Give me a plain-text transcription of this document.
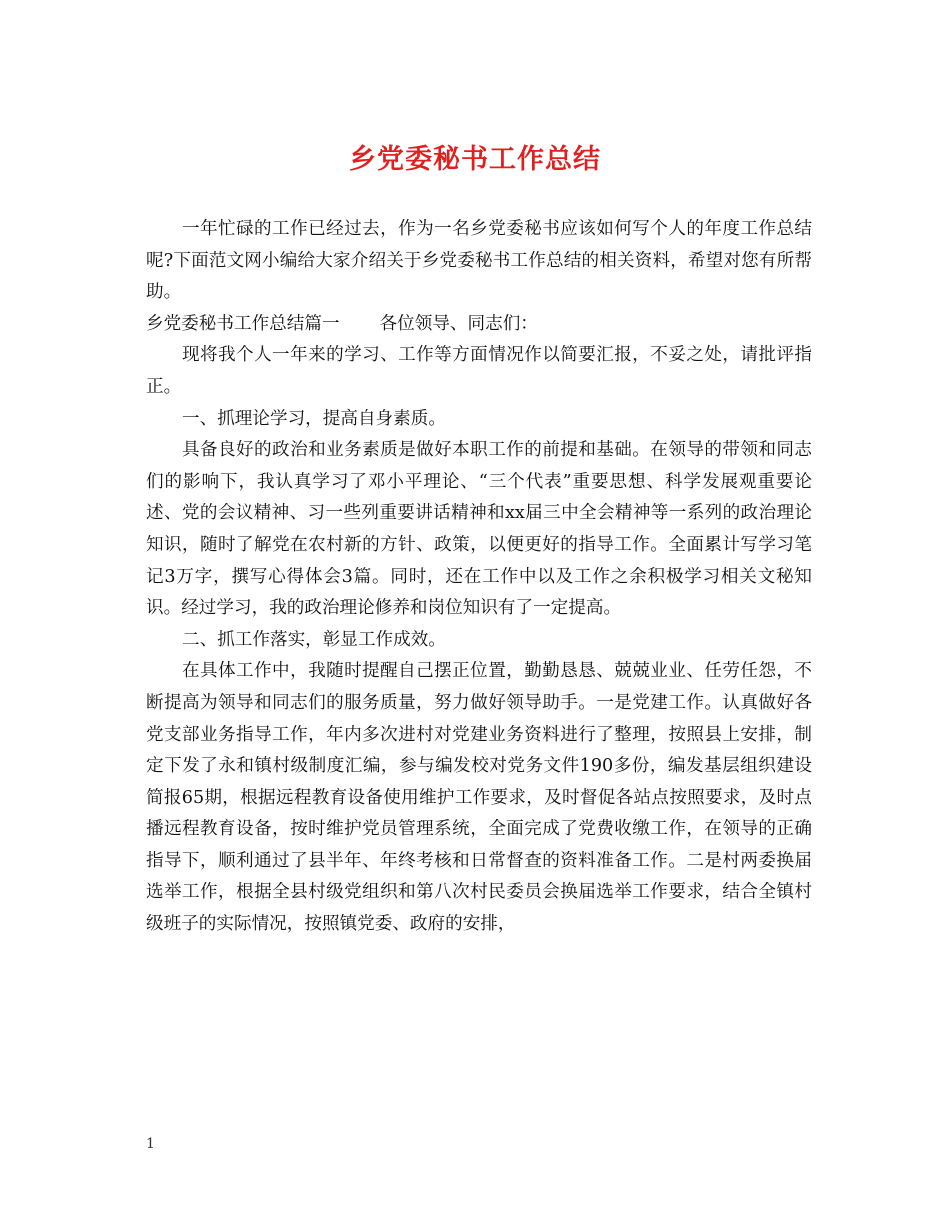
乡党委秘书工作总结

一年忙碌的工作已经过去，作为一名乡党委秘书应该如何写个人的年度工作总结呢?下面范文网小编给大家介绍关于乡党委秘书工作总结的相关资料，希望对您有所帮助。

乡党委秘书工作总结篇一 各位领导、同志们：

现将我个人一年来的学习、工作等方面情况作以简要汇报，不妥之处，请批评指正。

一、抓理论学习，提高自身素质。

具备良好的政治和业务素质是做好本职工作的前提和基础。在领导的带领和同志们的影响下，我认真学习了邓小平理论、“三个代表”重要思想、科学发展观重要论述、党的会议精神、习一些列重要讲话精神和xx届三中全会精神等一系列的政治理论知识，随时了解党在农村新的方针、政策，以便更好的指导工作。全面累计写学习笔记3万字，撰写心得体会3篇。同时，还在工作中以及工作之余积极学习相关文秘知识。经过学习，我的政治理论修养和岗位知识有了一定提高。

二、抓工作落实，彰显工作成效。

在具体工作中，我随时提醒自己摆正位置，勤勤恳恳、兢兢业业、任劳任怨，不断提高为领导和同志们的服务质量，努力做好领导助手。一是党建工作。认真做好各党支部业务指导工作，年内多次进村对党建业务资料进行了整理，按照县上安排，制定下发了永和镇村级制度汇编，参与编发校对党务文件190多份，编发基层组织建设简报65期，根据远程教育设备使用维护工作要求，及时督促各站点按照要求，及时点播远程教育设备，按时维护党员管理系统，全面完成了党费收缴工作，在领导的正确指导下，顺利通过了县半年、年终考核和日常督查的资料准备工作。二是村两委换届选举工作，根据全县村级党组织和第八次村民委员会换届选举工作要求，结合全镇村级班子的实际情况，按照镇党委、政府的安排，

1
